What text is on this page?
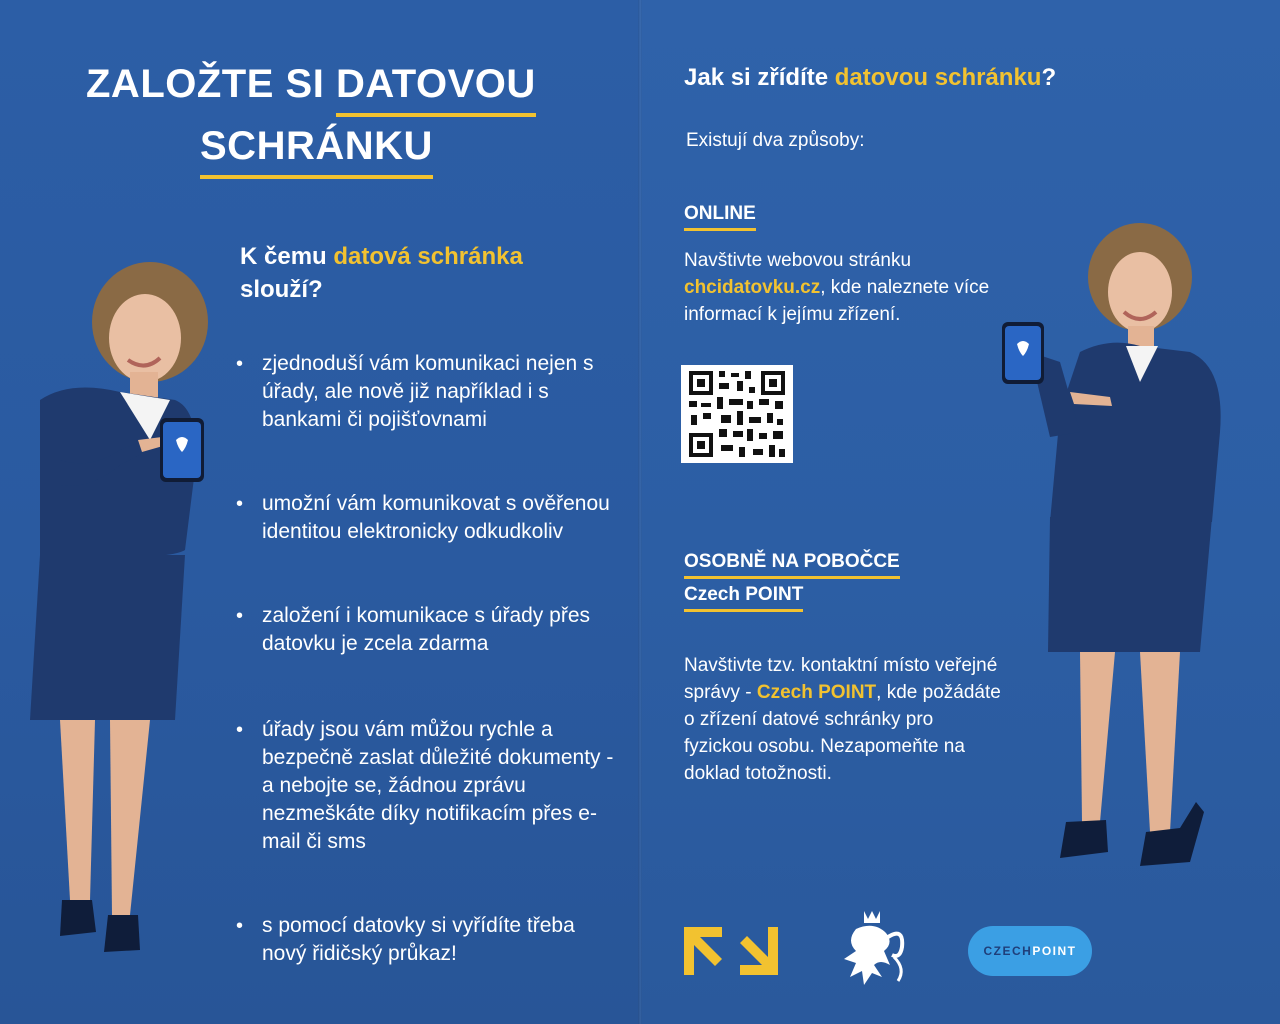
ZALOŽTE SI DATOVOU
SCHRÁNKU
K čemu datová schránka
slouží?
• zjednoduší vám komunikaci nejen s úřady, ale nově již například i s bankami či pojišťovnami
• umožní vám komunikovat s ověřenou identitou elektronicky odkudkoliv
• založení i komunikace s úřady přes datovku je zcela zdarma
• úřady jsou vám můžou rychle a bezpečně zaslat důležité dokumenty - a nebojte se, žádnou zprávu nezmeškáte díky notifikacím přes e-mail či sms
• s pomocí datovky si vyřídíte třeba nový řidičský průkaz!
Jak si zřídíte datovou schránku?
Existují dva způsoby:
ONLINE
Navštivte webovou stránku chcidatovku.cz, kde naleznete více informací k jejímu zřízení.
OSOBNĚ NA POBOČCE
Czech POINT
Navštivte tzv. kontaktní místo veřejné správy - Czech POINT, kde požádáte o zřízení datové schránky pro fyzickou osobu. Nezapomeňte na doklad totožnosti.
CZECH POINT
